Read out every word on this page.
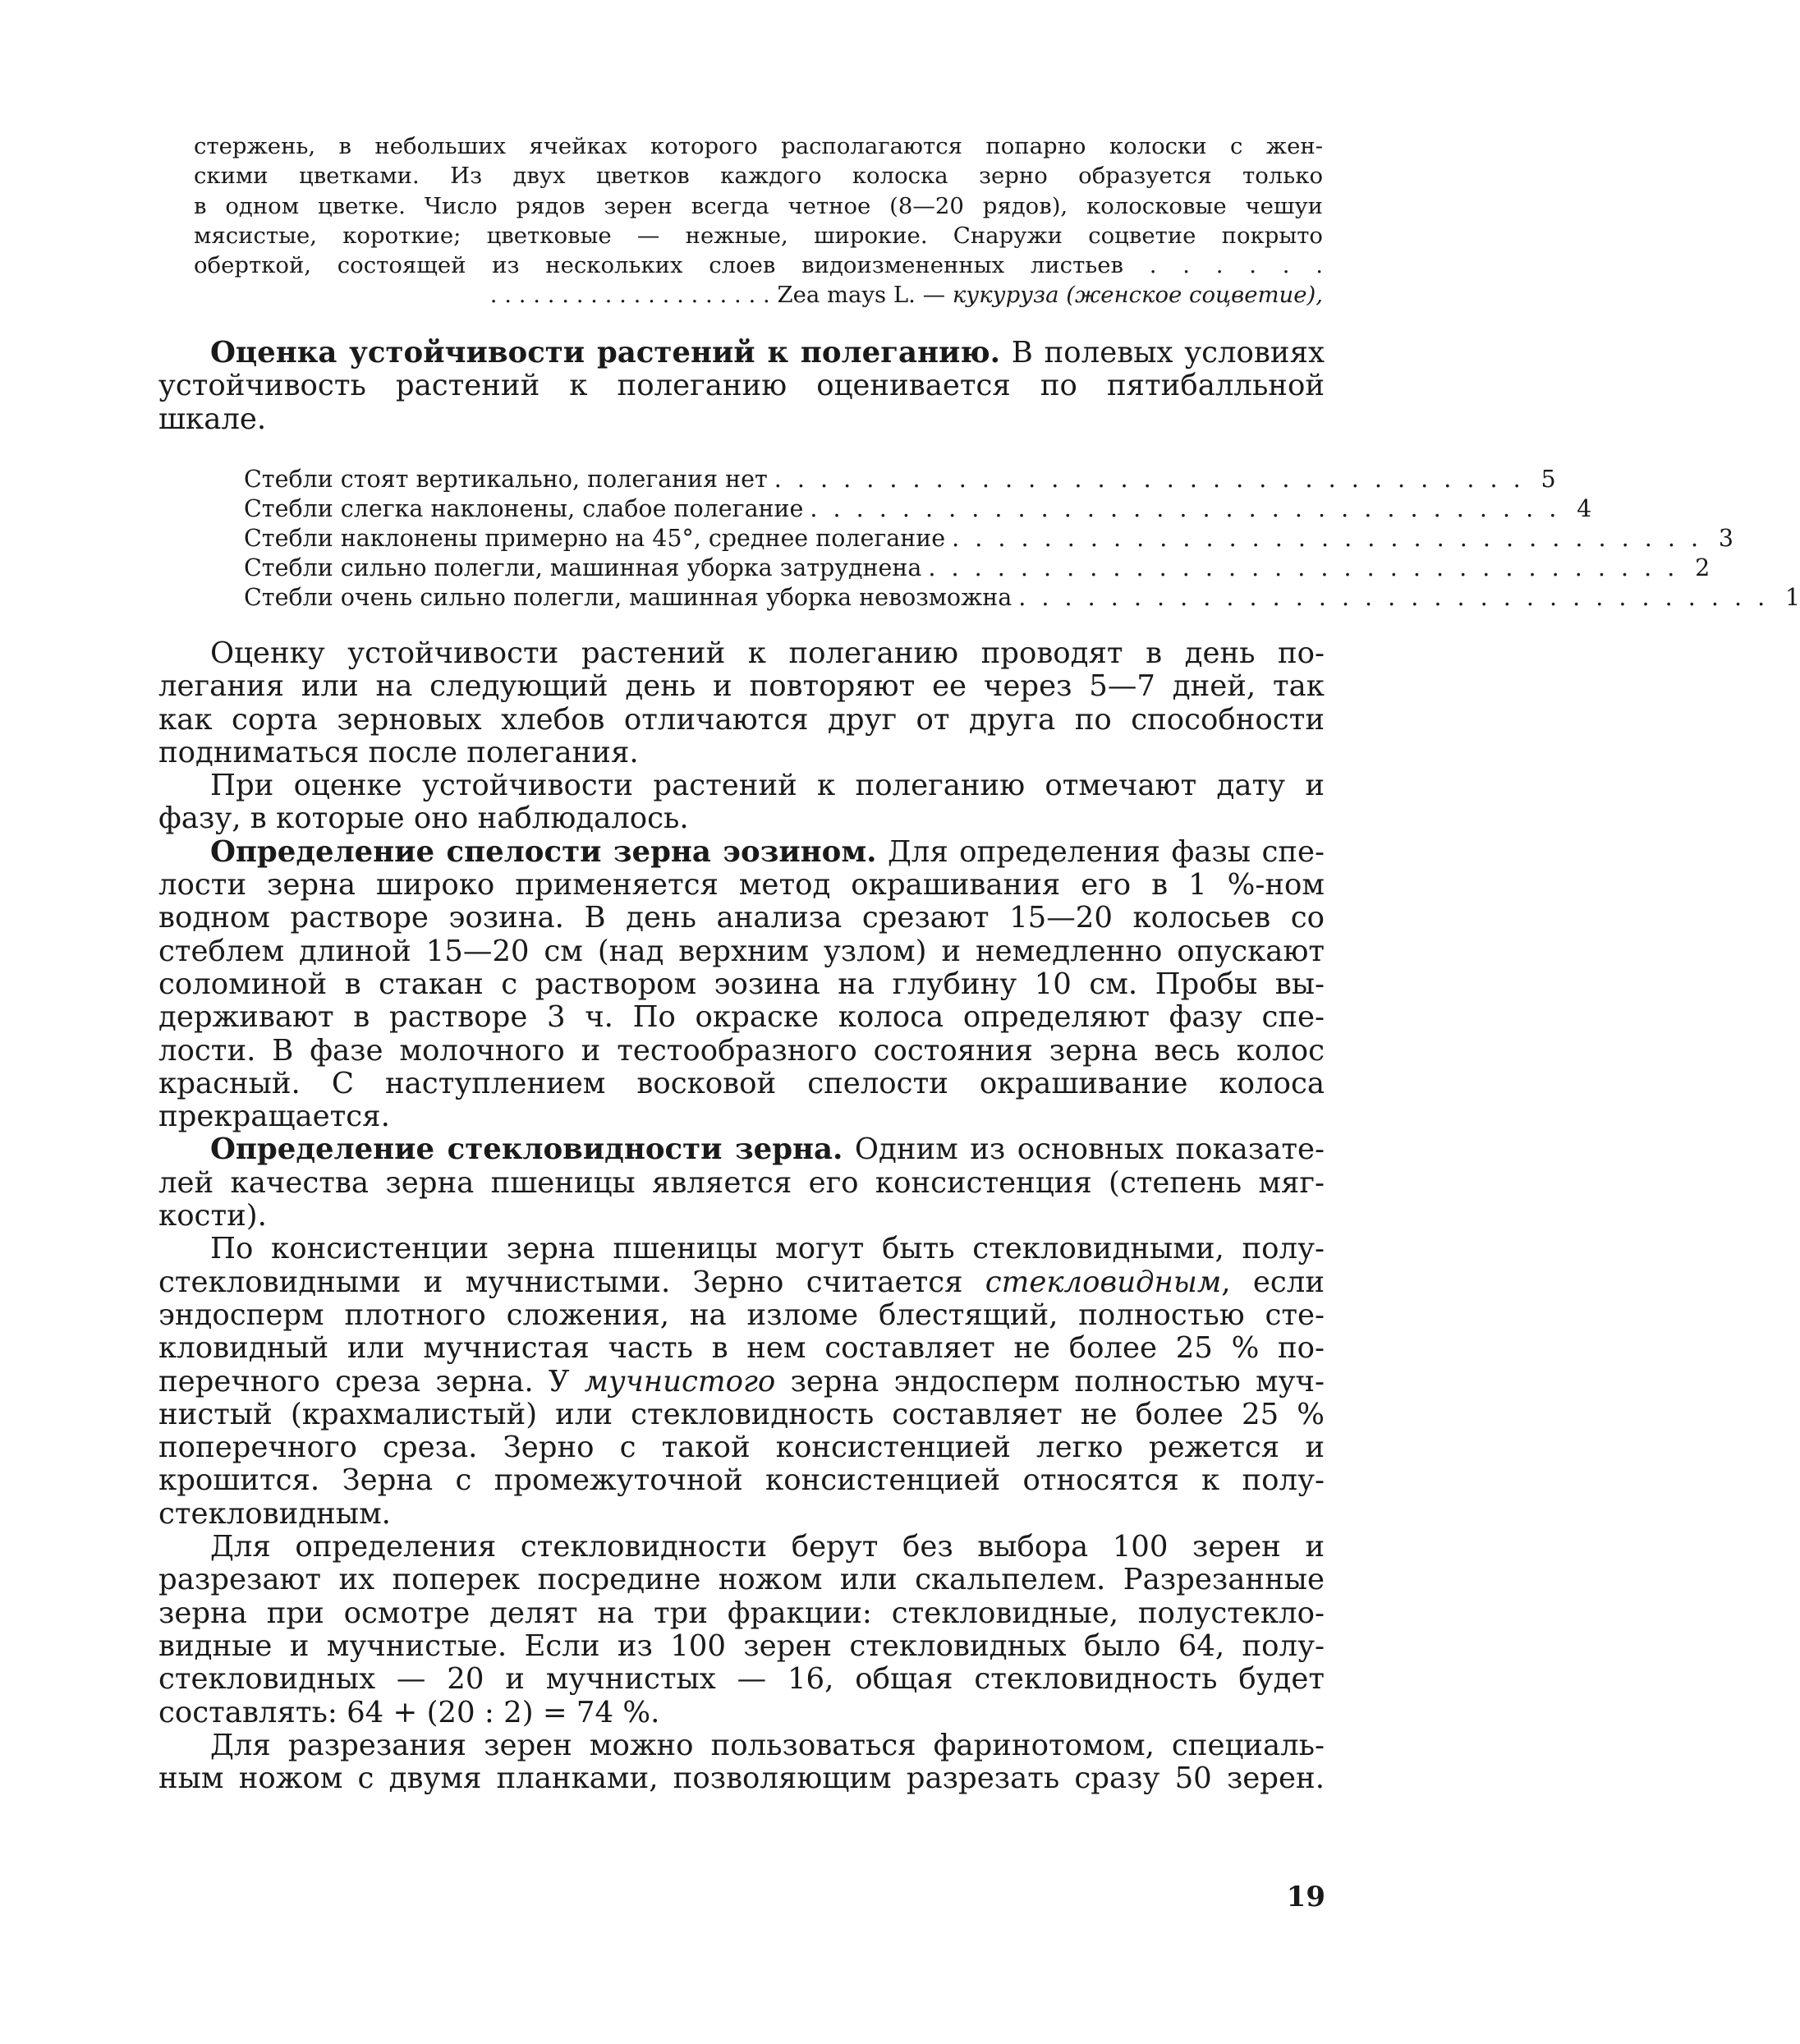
стержень, в небольших ячейках которого располагаются попарно колоски с жен-

скими цветками. Из двух цветков каждого колоска зерно образуется только

в одном цветке. Число рядов зерен всегда четное (8—20 рядов), колосковые чешуи

мясистые, короткие; цветковые — нежные, широкие. Снаружи соцветие покрыто

оберткой, состоящей из нескольких слоев видоизмененных листьев . . . . . .

. . . . . . . . . . . . . . . . . . . . Zea mays L. — кукуруза (женское соцветие),

Оценка устойчивости растений к полеганию. В полевых условиях

устойчивость растений к полеганию оценивается по пятибалльной

шкале.

Стебли стоят вертикально, полегания нет . . . . . . . . . . . . . . . . . . . . . . . . . . . . . . . . . 5
Стебли слегка наклонены, слабое полегание . . . . . . . . . . . . . . . . . . . . . . . . . . . . . . . . . 4
Стебли наклонены примерно на 45°, среднее полегание . . . . . . . . . . . . . . . . . . . . . . . . . . . . . . . . . 3
Стебли сильно полегли, машинная уборка затруднена . . . . . . . . . . . . . . . . . . . . . . . . . . . . . . . . . 2
Стебли очень сильно полегли, машинная уборка невозможна . . . . . . . . . . . . . . . . . . . . . . . . . . . . . . . . . 1

Оценку устойчивости растений к полеганию проводят в день по-

легания или на следующий день и повторяют ее через 5—7 дней, так

как сорта зерновых хлебов отличаются друг от друга по способности

подниматься после полегания.

При оценке устойчивости растений к полеганию отмечают дату и

фазу, в которые оно наблюдалось.

Определение спелости зерна эозином. Для определения фазы спе-

лости зерна широко применяется метод окрашивания его в 1 %-ном

водном растворе эозина. В день анализа срезают 15—20 колосьев со

стеблем длиной 15—20 см (над верхним узлом) и немедленно опускают

соломиной в стакан с раствором эозина на глубину 10 см. Пробы вы-

держивают в растворе 3 ч. По окраске колоса определяют фазу спе-

лости. В фазе молочного и тестообразного состояния зерна весь колос

красный. С наступлением восковой спелости окрашивание колоса

прекращается.

Определение стекловидности зерна. Одним из основных показате-

лей качества зерна пшеницы является его консистенция (степень мяг-

кости).

По консистенции зерна пшеницы могут быть стекловидными, полу-

стекловидными и мучнистыми. Зерно считается стекловидным, если

эндосперм плотного сложения, на изломе блестящий, полностью сте-

кловидный или мучнистая часть в нем составляет не более 25 % по-

перечного среза зерна. У мучнистого зерна эндосперм полностью муч-

нистый (крахмалистый) или стекловидность составляет не более 25 %

поперечного среза. Зерно с такой консистенцией легко режется и

крошится. Зерна с промежуточной консистенцией относятся к полу-

стекловидным.

Для определения стекловидности берут без выбора 100 зерен и

разрезают их поперек посредине ножом или скальпелем. Разрезанные

зерна при осмотре делят на три фракции: стекловидные, полустекло-

видные и мучнистые. Если из 100 зерен стекловидных было 64, полу-

стекловидных — 20 и мучнистых — 16, общая стекловидность будет

составлять: 64 + (20 : 2) = 74 %.

Для разрезания зерен можно пользоваться фаринотомом, специаль-

ным ножом с двумя планками, позволяющим разрезать сразу 50 зерен.

19
